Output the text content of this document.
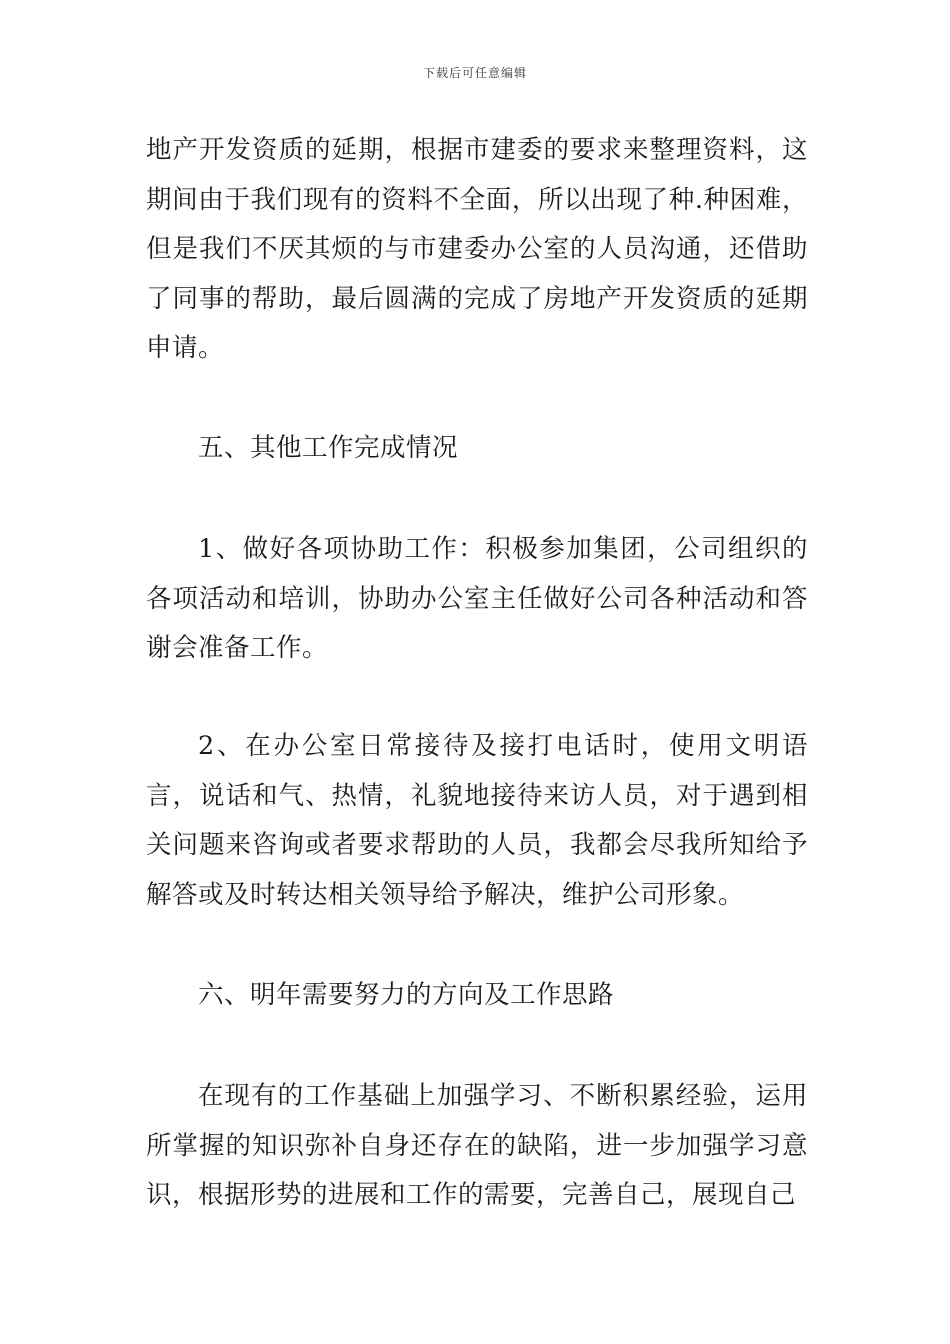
下载后可任意编辑

地产开发资质的延期，根据市建委的要求来整理资料，这期间由于我们现有的资料不全面，所以出现了种.种困难，但是我们不厌其烦的与市建委办公室的人员沟通，还借助了同事的帮助，最后圆满的完成了房地产开发资质的延期申请。

五、其他工作完成情况

1、做好各项协助工作：积极参加集团，公司组织的各项活动和培训，协助办公室主任做好公司各种活动和答谢会准备工作。

2、在办公室日常接待及接打电话时，使用文明语言，说话和气、热情，礼貌地接待来访人员，对于遇到相关问题来咨询或者要求帮助的人员，我都会尽我所知给予解答或及时转达相关领导给予解决，维护公司形象。

六、明年需要努力的方向及工作思路

在现有的工作基础上加强学习、不断积累经验，运用所掌握的知识弥补自身还存在的缺陷，进一步加强学习意识，根据形势的进展和工作的需要，完善自己，展现自己
